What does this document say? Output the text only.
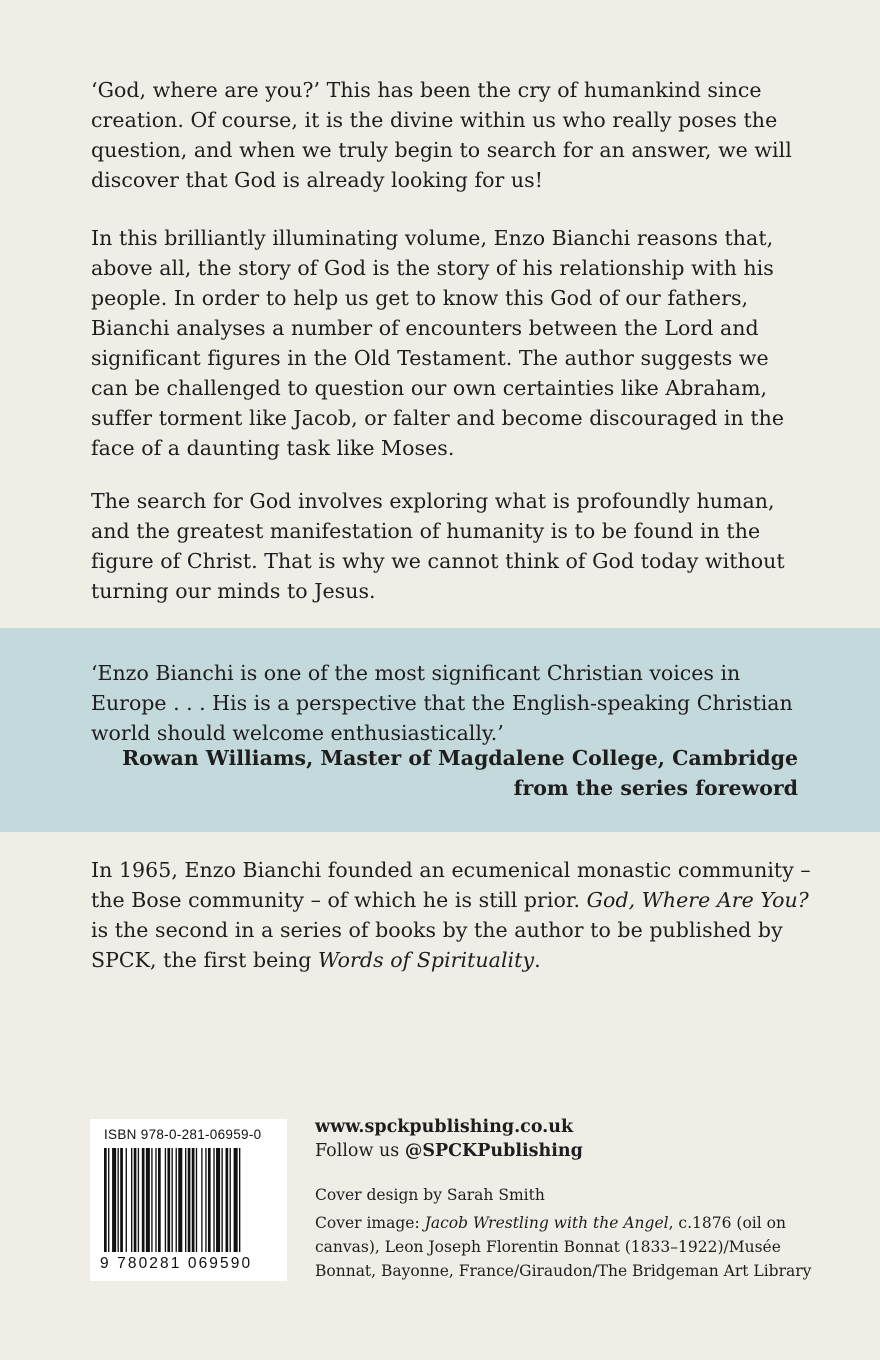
‘God, where are you?’ This has been the cry of humankind since creation. Of course, it is the divine within us who really poses the question, and when we truly begin to search for an answer, we will discover that God is already looking for us!

In this brilliantly illuminating volume, Enzo Bianchi reasons that, above all, the story of God is the story of his relationship with his people. In order to help us get to know this God of our fathers, Bianchi analyses a number of encounters between the Lord and significant figures in the Old Testament. The author suggests we can be challenged to question our own certainties like Abraham, suffer torment like Jacob, or falter and become discouraged in the face of a daunting task like Moses.

The search for God involves exploring what is profoundly human, and the greatest manifestation of humanity is to be found in the figure of Christ. That is why we cannot think of God today without turning our minds to Jesus.

‘Enzo Bianchi is one of the most significant Christian voices in Europe . . . His is a perspective that the English-speaking Christian world should welcome enthusiastically.’

Rowan Williams, Master of Magdalene College, Cambridge
from the series foreword

In 1965, Enzo Bianchi founded an ecumenical monastic community – the Bose community – of which he is still prior. God, Where Are You? is the second in a series of books by the author to be published by SPCK, the first being Words of Spirituality.

ISBN 978-0-281-06959-0
9 780281 069590
www.spckpublishing.co.uk
Follow us @SPCKPublishing
Cover design by Sarah Smith
Cover image: Jacob Wrestling with the Angel, c.1876 (oil on canvas), Leon Joseph Florentin Bonnat (1833–1922)/Musée Bonnat, Bayonne, France/Giraudon/The Bridgeman Art Library
